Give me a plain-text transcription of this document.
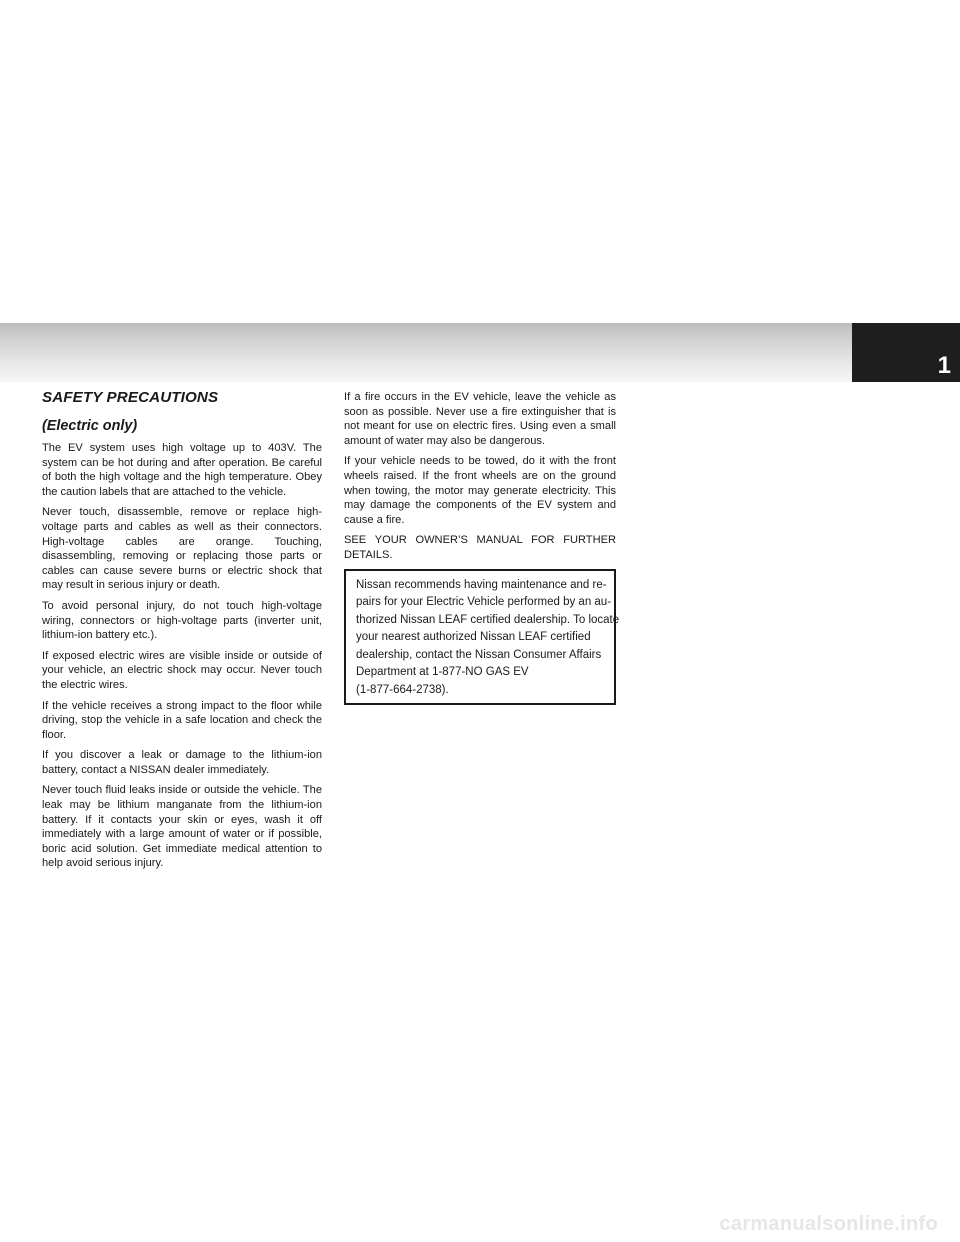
1
SAFETY PRECAUTIONS
(Electric only)

The EV system uses high voltage up to 403V. The system can be hot during and after operation. Be careful of both the high voltage and the high temperature. Obey the caution labels that are attached to the vehicle.

Never touch, disassemble, remove or replace high-voltage parts and cables as well as their connectors. High-voltage cables are orange. Touching, disassembling, removing or replacing those parts or cables can cause severe burns or electric shock that may result in serious injury or death.

To avoid personal injury, do not touch high-voltage wiring, connectors or high-voltage parts (inverter unit, lithium-ion battery etc.).

If exposed electric wires are visible inside or outside of your vehicle, an electric shock may occur. Never touch the electric wires.

If the vehicle receives a strong impact to the floor while driving, stop the vehicle in a safe location and check the floor.

If you discover a leak or damage to the lithium-ion battery, contact a NISSAN dealer immediately.

Never touch fluid leaks inside or outside the vehicle. The leak may be lithium manganate from the lithium-ion battery. If it contacts your skin or eyes, wash it off immediately with a large amount of water or if possible, boric acid solution. Get immediate medical attention to help avoid serious injury.

If a fire occurs in the EV vehicle, leave the vehicle as soon as possible. Never use a fire extinguisher that is not meant for use on electric fires. Using even a small amount of water may also be dangerous.

If your vehicle needs to be towed, do it with the front wheels raised. If the front wheels are on the ground when towing, the motor may generate electricity. This may damage the components of the EV system and cause a fire.

SEE YOUR OWNER’S MANUAL FOR FURTHER DETAILS.

Nissan recommends having maintenance and re-
pairs for your Electric Vehicle performed by an au-
thorized Nissan LEAF certified dealership. To locate
your nearest authorized Nissan LEAF certified
dealership, contact the Nissan Consumer Affairs
Department at 1-877-NO GAS EV
(1-877-664-2738).
carmanualsonline.info
